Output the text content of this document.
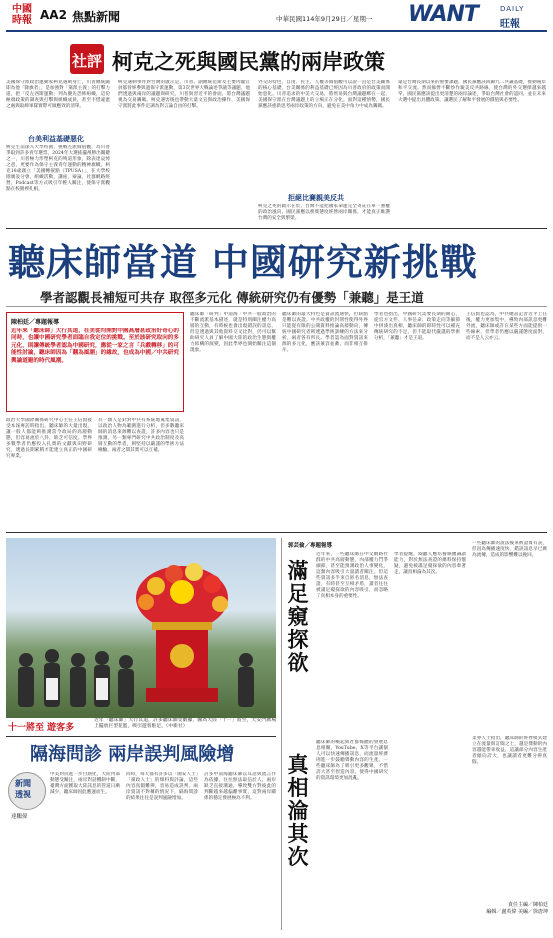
中國時報 AA2 焦點新聞	中華民國114年9月29日／星期一 WANT	DAILY
旺報
社評 柯克之死與國民黨的兩岸政策
美國保守派政治運動家柯克遇刺身亡，川普總統隨即為他「降旗者」，是加強對「黨派主義」的打擊力道，把「反左西斯運動」列為優先恐怖組織，這份極端政策的調查與打擊與組織成員，甚至不惜違憲之處與取締軍隊實際可做應效的清單。
台美利益基礎悪化
柯克生前深入大學校園，挑戰左派價值觀，為川普爭取到許多青年選票。2024年大選搖擺州勝出關鍵之一，川普極力形塑柯克的殉道形象，除表達哀悼之意，更要作為保守主義青年運動的精神旗幟。柯克18歲創立「美國轉捩點（TPUSA）」，在大學校園廣設分會，組織活動，講座，辯論，社群網路經營，Podcast等方式吸引年輕人關注，使保守派觀點在校園裡扎根。
柯克遇刺事件對台灣的啟示是，川普、副總統范斯及主要內閣官員都曾經參與過保守派運動，第3次世界大戰論述爭議等議題，他們透過與兩岸的議題與研究，川普與習近平的會面，將台灣議題視為交易籌碼。柯克遇害後也帶動大量文宣與政治操作，美國保守派將此事件定調為對言論自由的打擊。
外交的特色，自由、民主、人權等價值觀可以說一直是台美關係的核心基礎，台美關係的利益基礎已經因為川普政府的政策而開始惡化。川普追求的中美大交易，將貿易與台灣議題綁在一起，美國保守派在台灣議題上的立場正在分化。面對這種情勢，國民黨應該重新思考兩岸政策的方向，避免在美中角力中成為籌碼。
拒絕比賽親美反共
柯克之死的啟示在於，台灣不能把國家命運完全寄託在單一強權的政治風向，國民黨應以務實態度經營兩岸關係，才能真正維護台灣的安全與繁榮。
遠是台灣長期以來的重要課題，國民黨應該回歸九二共識基礎，推動兩岸和平交流。然而綠營不斷炒作親美反共路線，使台灣的外交選擇越來越窄，國民黨應該提出更清楚的兩岸論述，爭取台灣社會的認同，並在未來大選中提出具體政策，讓選民了解和平發展的價值與必要性。
聽床師當道 中國研究新挑戰
學者認觀長補短可共存 取徑多元化 傳統研究仍有優勢「兼聽」是王道
陳柏廷／專題報導
近年來「聽床師」大行其道，在美從均開對中國高層甚政治好奇心的同時，也讓中國研究學者面臨自我定位的挑戰。至於該研究取向的多元化，則讓傳統學者認為中國研究，應從一家之言「兵戲轉移」的可能性討論，聽床師因為「翻為風潮」的緣故，也成為中國／中共研究輿論道避的時代風潮。
政治大學國際關係研究中心主任王信賢接受本報專訪時指出，聽床師的大量出現，讓一般人都能夠推測當今政局的高層動態，但容易流於八卦，缺乏可信度。學界多數學者仍應投入扎實的文獻與田野研究，透過長期累積才能建立真正的中國研究專業。
有一類人是針對中共有系統地蒐集資訊，以政治人物為範圍進行分析，但多數聽床師的消息來源難以查證，許多內容也只是推測。另一類專門研究中共政治制度及高層互動的學者，則堅持以嚴謹的學術方法檢驗，兩者之間其實可以互補。
聽床師「研判」中南海「中共一般政治的不斷流派基本描述，就是特別關注權力高層的互動，有時候也會出現錯誤的訊息，但是透過與其他資料交叉比對，仍可以幫助研究人員了解中國大陸的政治生態與權力結構的演變，因此學界也開始關注這個現象。
聽床師的最大特色是資訊流通快，但缺點是難以查證。中共政權的封閉性使得外界只能從有限的公開資料推論高層動向，傳統中國研究者則透過學術訓練的方法來分析，兩者各有所長。學者認為面對資訊來源的多元化，應該兼容並蓄，而非相互排斥。
學者也指出，中國研究需要長期的耐心，從官方文件、人事任命、政策走向等細節中拼湊出真相，聽床師的即時性可以補充傳統研究的不足，但不能取代嚴謹的學術分析，「兼聽」才是王道。
王信賢也認為，中共總書記習近平上任後，權力更加集中，導致內部訊息更難外流，聽床師或許在某些方面能提供一些線索，但學者仍應以嚴謹態度面對，而不是人云亦云。
十一將至 遊客多
近年「聽床師」大行其道，許多聽床師受數據，圖為大陸「十一」將至，天安門廣場上擺放巨型花籃，吸引遊客駐足。（中新社）
隔海問診 兩岸誤判風險增
新聞
透視
達鵬偉
中美對抗進一步白熱化，大陸內部動態受關注，兩岸對話機制中斷，臺灣方面獲取大陸訊息的管道日漸減少，聽床師因此應運而生。
同時，每天都有許多以「國安人士」「黨政人士」的爆料與評論，這些內容真假難辨，容易造成誤判。兩岸資訊不對稱的情況下，隔海問診的結果往往是誤判風險增加。
許多中南海聽床師以耳語與流言作為依據，往往無法取信於人，兩岸缺乏直接溝通，導致雙方對彼此的判斷越來越偏離事實，這對兩岸關係的穩定發展極為不利。
郭芸倫／專題報導
滿足窺探欲
真相淪其次
近年來，一些聽床師在中文網路社群的中共高層動態，內部權力鬥爭細節，甚至能預測政治人事變化，這類內容吸引大量讀者關注。但這些資訊多半來自匿名消息，無法查證，有時甚至互相矛盾，讀者往往被滿足窺探欲的內容吸引，而忽略了真相本身的重要性。
聽床師的崛起與社群媒體的發展息息相關，YouTube、X等平台讓個人可以快速傳播訊息，而流量經濟則進一步鼓勵聳動內容的生產。一些聽床師為了吸引更多觀眾，不惜誇大甚至捏造內容，使得中國研究的資訊環境更加混亂。
學者提醒，閱聽人應培養媒體識讀能力，對於無法查證的爆料保持懷疑，避免被滿足窺探欲的內容牽著走，讓真相淪為其次。
一些聽床師的說法後來被證實有誤，但因為傳播速度快，錯誤訊息早已廣為流傳，造成的影響難以挽回。
業界人士指出，聽床師的經營模式建立在流量與訂閱之上，越是聳動的內容越能帶來收益，這讓部分內容生產者傾向誇大，也讓讀者更難分辨真假。
責任主編／陳柏廷
編輯／盧英偉 美編／徐唐坤
